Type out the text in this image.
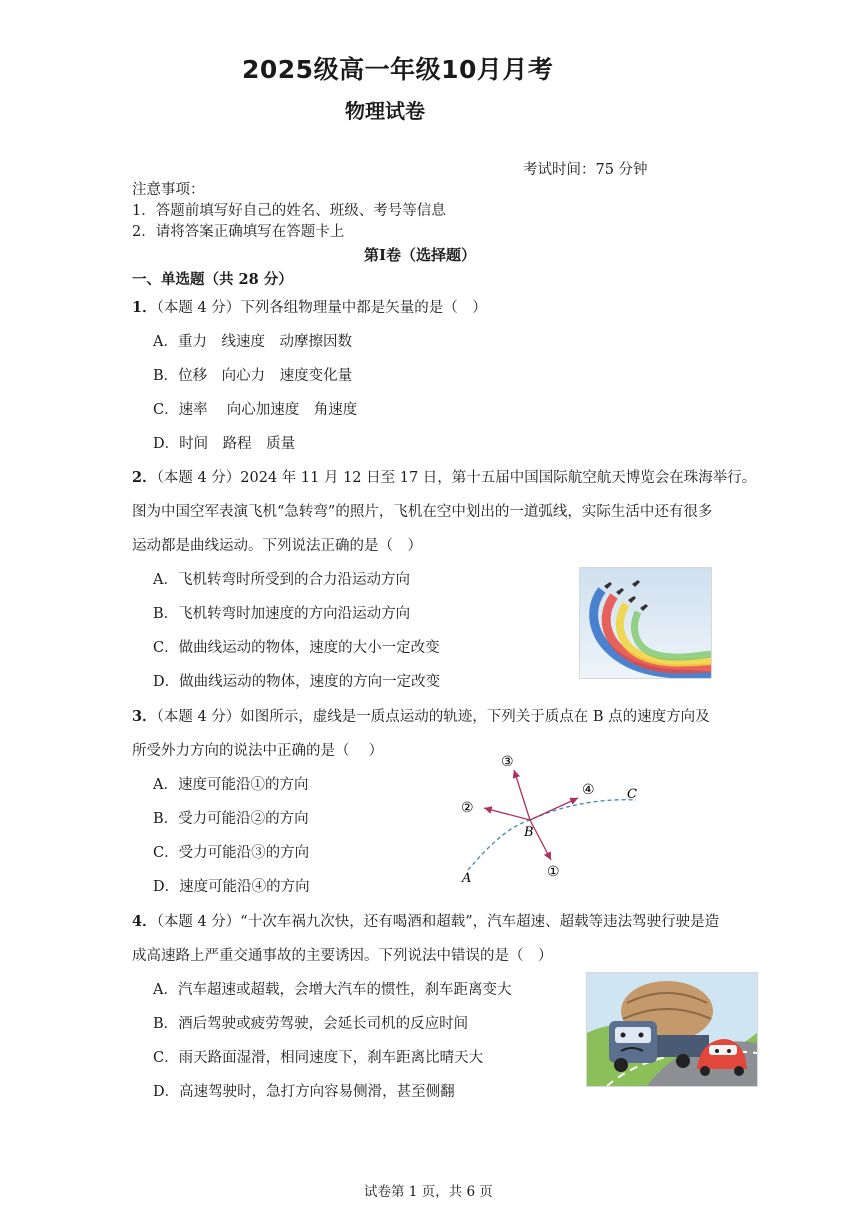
2025级高一年级10月月考
物理试卷
考试时间：75 分钟
注意事项：
1．答题前填写好自己的姓名、班级、考号等信息
2．请将答案正确填写在答题卡上
第Ⅰ卷（选择题）
一、单选题（共 28 分）
1．（本题 4 分）下列各组物理量中都是矢量的是（　）
A．重力　线速度　动摩擦因数
B．位移　向心力　速度变化量
C．速率　 向心加速度　角速度
D．时间　路程　质量
2．（本题 4 分）2024 年 11 月 12 日至 17 日，第十五届中国国际航空航天博览会在珠海举行。
图为中国空军表演飞机“急转弯”的照片，飞机在空中划出的一道弧线，实际生活中还有很多
运动都是曲线运动。下列说法正确的是（　）
A．飞机转弯时所受到的合力沿运动方向
B．飞机转弯时加速度的方向沿运动方向
C．做曲线运动的物体，速度的大小一定改变
D．做曲线运动的物体，速度的方向一定改变
3．（本题 4 分）如图所示，虚线是一质点运动的轨迹，下列关于质点在 B 点的速度方向及
所受外力方向的说法中正确的是（　 ）
A．速度可能沿①的方向
B．受力可能沿②的方向
C．受力可能沿③的方向
D．速度可能沿④的方向
①
②
③
④
A
B
C
4．（本题 4 分）“十次车祸九次快，还有喝酒和超载”，汽车超速、超载等违法驾驶行驶是造
成高速路上严重交通事故的主要诱因。下列说法中错误的是（　）
A．汽车超速或超载，会增大汽车的惯性，刹车距离变大
B．酒后驾驶或疲劳驾驶，会延长司机的反应时间
C．雨天路面湿滑，相同速度下，刹车距离比晴天大
D．高速驾驶时，急打方向容易侧滑，甚至侧翻
试卷第 1 页，共 6 页
